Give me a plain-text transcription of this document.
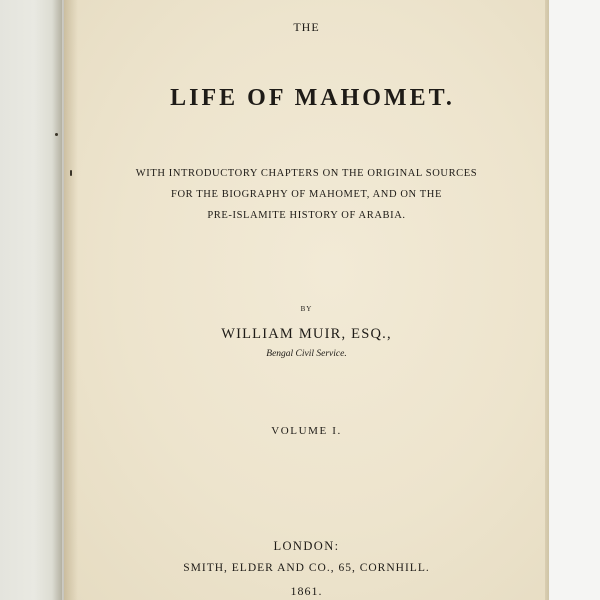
THE
LIFE OF MAHOMET.
WITH INTRODUCTORY CHAPTERS ON THE ORIGINAL SOURCES
FOR THE BIOGRAPHY OF MAHOMET, AND ON THE
PRE-ISLAMITE HISTORY OF ARABIA.
BY
WILLIAM MUIR, ESQ.,
Bengal Civil Service.
VOLUME I.
LONDON:
SMITH, ELDER AND CO., 65, CORNHILL.
1861.
